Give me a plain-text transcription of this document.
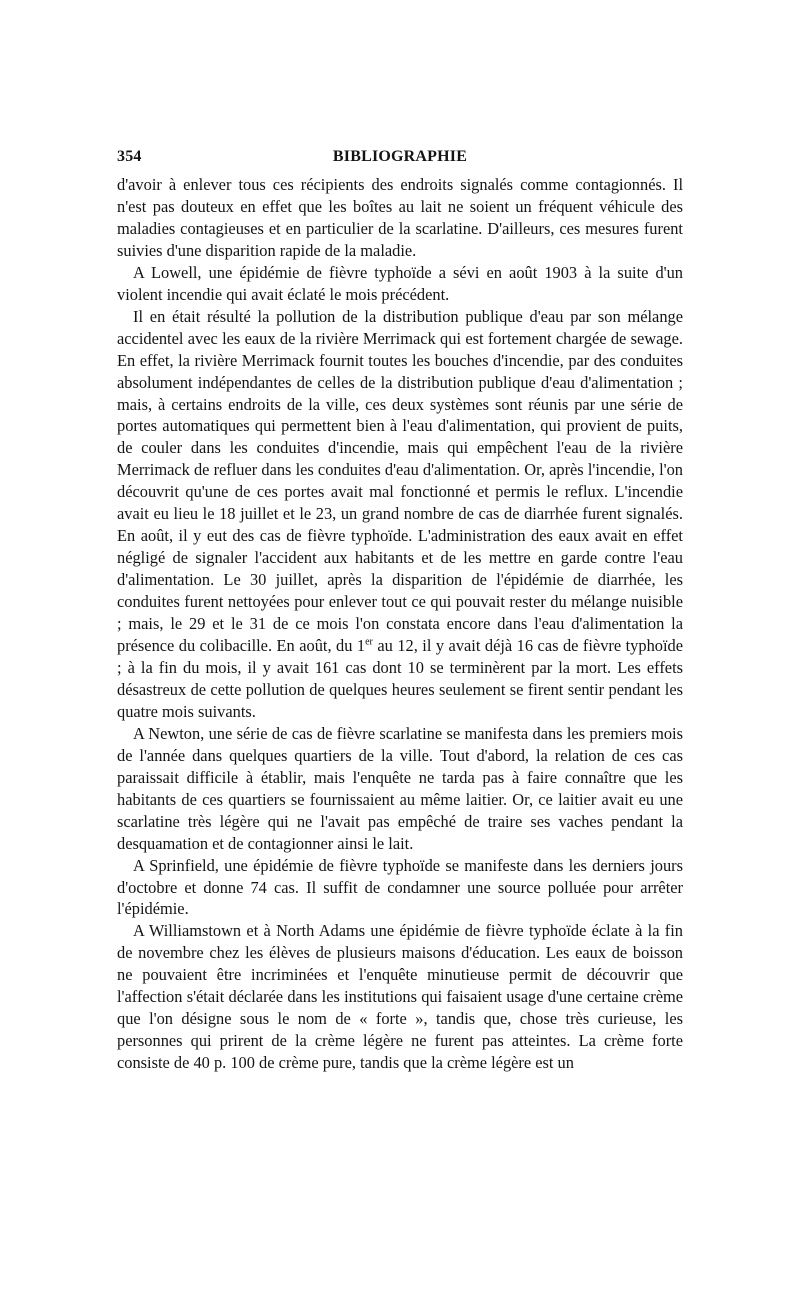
354	BIBLIOGRAPHIE

d'avoir à enlever tous ces récipients des endroits signalés comme contagionnés. Il n'est pas douteux en effet que les boîtes au lait ne soient un fréquent véhicule des maladies contagieuses et en particulier de la scarlatine. D'ailleurs, ces mesures furent suivies d'une disparition rapide de la maladie.

A Lowell, une épidémie de fièvre typhoïde a sévi en août 1903 à la suite d'un violent incendie qui avait éclaté le mois précédent.

Il en était résulté la pollution de la distribution publique d'eau par son mélange accidentel avec les eaux de la rivière Merrimack qui est fortement chargée de sewage. En effet, la rivière Merrimack fournit toutes les bouches d'incendie, par des conduites absolument indépendantes de celles de la distribution publique d'eau d'alimentation ; mais, à certains endroits de la ville, ces deux systèmes sont réunis par une série de portes automatiques qui permettent bien à l'eau d'alimentation, qui provient de puits, de couler dans les conduites d'incendie, mais qui empêchent l'eau de la rivière Merrimack de refluer dans les conduites d'eau d'alimentation. Or, après l'incendie, l'on découvrit qu'une de ces portes avait mal fonctionné et permis le reflux. L'incendie avait eu lieu le 18 juillet et le 23, un grand nombre de cas de diarrhée furent signalés. En août, il y eut des cas de fièvre typhoïde. L'administration des eaux avait en effet négligé de signaler l'accident aux habitants et de les mettre en garde contre l'eau d'alimentation. Le 30 juillet, après la disparition de l'épidémie de diarrhée, les conduites furent nettoyées pour enlever tout ce qui pouvait rester du mélange nuisible ; mais, le 29 et le 31 de ce mois l'on constata encore dans l'eau d'alimentation la présence du colibacille. En août, du 1er au 12, il y avait déjà 16 cas de fièvre typhoïde ; à la fin du mois, il y avait 161 cas dont 10 se terminèrent par la mort. Les effets désastreux de cette pollution de quelques heures seulement se firent sentir pendant les quatre mois suivants.

A Newton, une série de cas de fièvre scarlatine se manifesta dans les premiers mois de l'année dans quelques quartiers de la ville. Tout d'abord, la relation de ces cas paraissait difficile à établir, mais l'enquête ne tarda pas à faire connaître que les habitants de ces quartiers se fournissaient au même laitier. Or, ce laitier avait eu une scarlatine très légère qui ne l'avait pas empêché de traire ses vaches pendant la desquamation et de contagionner ainsi le lait.

A Sprinfield, une épidémie de fièvre typhoïde se manifeste dans les derniers jours d'octobre et donne 74 cas. Il suffit de condamner une source polluée pour arrêter l'épidémie.

A Williamstown et à North Adams une épidémie de fièvre typhoïde éclate à la fin de novembre chez les élèves de plusieurs maisons d'éducation. Les eaux de boisson ne pouvaient être incriminées et l'enquête minutieuse permit de découvrir que l'affection s'était déclarée dans les institutions qui faisaient usage d'une certaine crème que l'on désigne sous le nom de « forte », tandis que, chose très curieuse, les personnes qui prirent de la crème légère ne furent pas atteintes. La crème forte consiste de 40 p. 100 de crème pure, tandis que la crème légère est un
